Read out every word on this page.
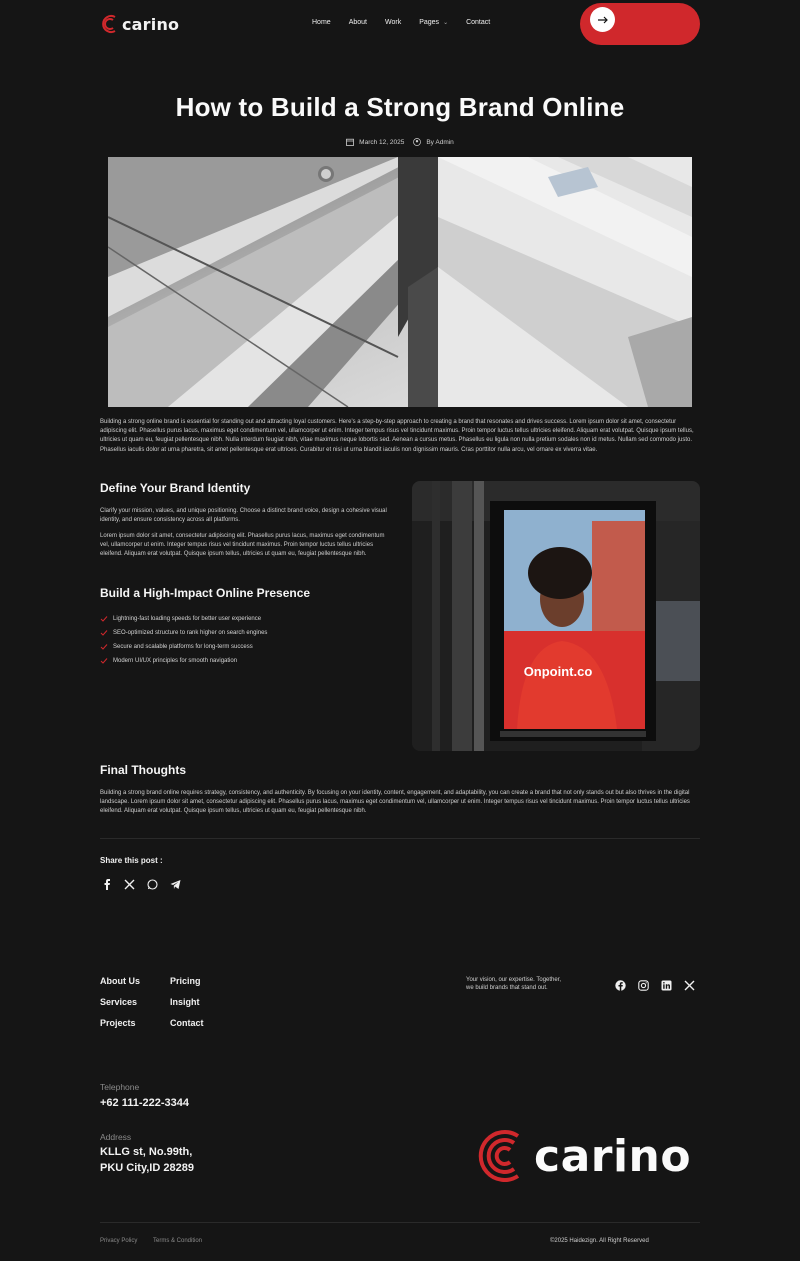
carino	Home	About	Work	Pages ⌄	Contact
How to Build a Strong Brand Online
March 12, 2025	By Admin

Building a strong online brand is essential for standing out and attracting loyal customers. Here's a step-by-step approach to creating a brand that resonates and drives success. Lorem ipsum dolor sit amet, consectetur adipiscing elit. Phasellus purus lacus, maximus eget condimentum vel, ullamcorper ut enim. Integer tempus risus vel tincidunt maximus. Proin tempor luctus tellus ultricies eleifend. Aliquam erat volutpat. Quisque ipsum tellus, ultricies ut quam eu, feugiat pellentesque nibh. Nulla interdum feugiat nibh, vitae maximus neque lobortis sed. Aenean a cursus metus. Phasellus eu ligula non nulla pretium sodales non id metus. Nullam sed commodo justo. Phasellus iaculis dolor at urna pharetra, sit amet pellentesque erat ultrices. Curabitur et nisi ut urna blandit iaculis non dignissim mauris. Cras porttitor nulla arcu, vel ornare ex viverra vitae.

Define Your Brand Identity

Clarify your mission, values, and unique positioning. Choose a distinct brand voice, design a cohesive visual identity, and ensure consistency across all platforms.

Lorem ipsum dolor sit amet, consectetur adipiscing elit. Phasellus purus lacus, maximus eget condimentum vel, ullamcorper ut enim. Integer tempus risus vel tincidunt maximus. Proin tempor luctus tellus ultricies eleifend. Aliquam erat volutpat. Quisque ipsum tellus, ultricies ut quam eu, feugiat pellentesque nibh.

Build a High-Impact Online Presence
Lightning-fast loading speeds for better user experience
SEO-optimized structure to rank higher on search engines
Secure and scalable platforms for long-term success
Modern UI/UX principles for smooth navigation
Onpoint.co
Final Thoughts

Building a strong brand online requires strategy, consistency, and authenticity. By focusing on your identity, content, engagement, and adaptability, you can create a brand that not only stands out but also thrives in the digital landscape. Lorem ipsum dolor sit amet, consectetur adipiscing elit. Phasellus purus lacus, maximus eget condimentum vel, ullamcorper ut enim. Integer tempus risus vel tincidunt maximus. Proin tempor luctus tellus ultricies eleifend. Aliquam erat volutpat. Quisque ipsum tellus, ultricies ut quam eu, feugiat pellentesque nibh.

Share this post :
About Us
Services
Projects
Pricing
Insight
Contact

Your vision, our expertise. Together, we build brands that stand out.

Telephone
+62 111-222-3344
Address
KLLG st, No.99th,
PKU City,ID 28289	carino
Privacy Policy	Terms & Condition	©2025 Haidezign. All Right Reserved
